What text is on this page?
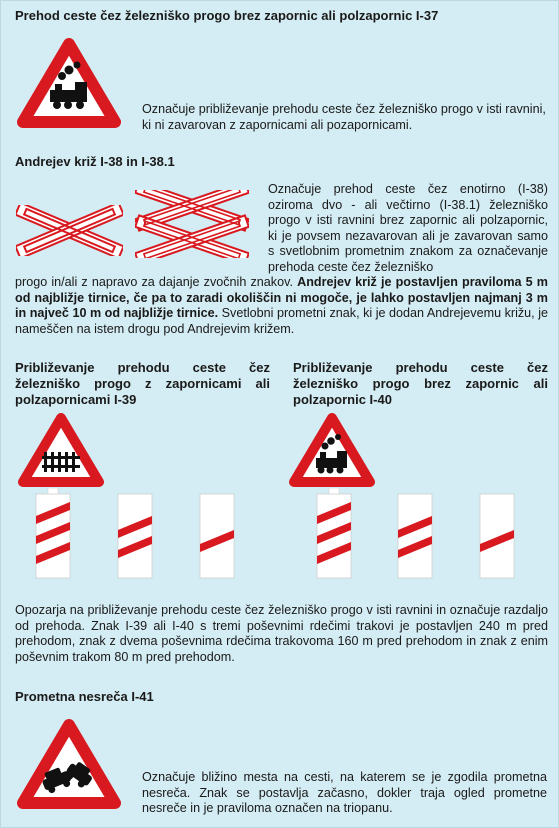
Prehod ceste čez železniško progo brez zapornic ali polzapornic I-37
Označuje približevanje prehodu ceste čez železniško progo v isti ravnini, ki ni zavarovan z zapornicami ali pozapornicami.
Andrejev križ I-38 in I-38.1
Označuje prehod ceste čez enotirno (I-38) oziroma dvo - ali večtirno (I-38.1) železniško progo v isti ravnini brez zapornic ali polzapornic, ki je povsem nezavarovan ali je zavarovan samo s svetlobnim prometnim znakom za označevanje prehoda ceste čez železniško
progo in/ali z napravo za dajanje zvočnih znakov. Andrejev križ je postavljen praviloma 5 m od najbližje tirnice, če pa to zaradi okoliščin ni mogoče, je lahko postavljen najmanj 3 m in največ 10 m od najbližje tirnice. Svetlobni prometni znak, ki je dodan Andrejevemu križu, je nameščen na istem drogu pod Andrejevim križem.
Približevanje prehodu ceste čez železniško progo z zapornicami ali polzapornicami I-39
Približevanje prehodu ceste čez železniško progo brez zapornic ali polzapornic I-40
Opozarja na približevanje prehodu ceste čez železniško progo v isti ravnini in označuje razdaljo od prehoda. Znak I-39 ali I-40 s tremi poševnimi rdečimi trakovi je postavljen 240 m pred prehodom, znak z dvema poševnima rdečima trakovoma 160 m pred prehodom in znak z enim poševnim trakom 80 m pred prehodom.
Prometna nesreča I-41
Označuje bližino mesta na cesti, na katerem se je zgodila prometna nesreča. Znak se postavlja začasno, dokler traja ogled prometne nesreče in je praviloma označen na triopanu.
